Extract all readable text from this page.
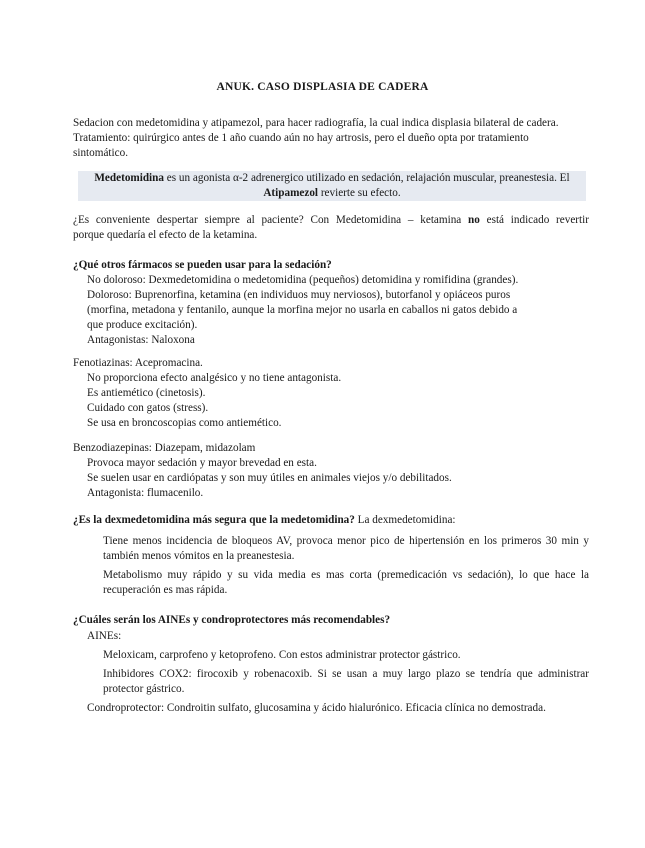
ANUK. CASO DISPLASIA DE CADERA
Sedacion con medetomidina y atipamezol, para hacer radiografía, la cual indica displasia bilateral de cadera.
Tratamiento: quirúrgico antes de 1 año cuando aún no hay artrosis, pero el dueño opta por tratamiento
sintomático.
Medetomidina es un agonista α-2 adrenergico utilizado en sedación, relajación muscular, preanestesia. El
Atipamezol revierte su efecto.
¿Es conveniente despertar siempre al paciente? Con Medetomidina – ketamina no está indicado revertir
porque quedaría el efecto de la ketamina.
¿Qué otros fármacos se pueden usar para la sedación?
No doloroso: Dexmedetomidina o medetomidina (pequeños) detomidina y romifidina (grandes).
Doloroso: Buprenorfina, ketamina (en individuos muy nerviosos), butorfanol y opiáceos puros
(morfina, metadona y fentanilo, aunque la morfina mejor no usarla en caballos ni gatos debido a
que produce excitación).
Antagonistas: Naloxona
Fenotiazinas: Acepromacina.
No proporciona efecto analgésico y no tiene antagonista.
Es antiemético (cinetosis).
Cuidado con gatos (stress).
Se usa en broncoscopias como antiemético.
Benzodiazepinas: Diazepam, midazolam
Provoca mayor sedación y mayor brevedad en esta.
Se suelen usar en cardiópatas y son muy útiles en animales viejos y/o debilitados.
Antagonista: flumacenilo.
¿Es la dexmedetomidina más segura que la medetomidina? La dexmedetomidina:
Tiene menos incidencia de bloqueos AV, provoca menor pico de hipertensión en los primeros 30 min y
también menos vómitos en la preanestesia.
Metabolismo muy rápido y su vida media es mas corta (premedicación vs sedación), lo que hace la
recuperación es mas rápida.
¿Cuáles serán los AINEs y condroprotectores más recomendables?
AINEs:
Meloxicam, carprofeno y ketoprofeno. Con estos administrar protector gástrico.
Inhibidores COX2: firocoxib y robenacoxib. Si se usan a muy largo plazo se tendría que administrar
protector gástrico.
Condroprotector: Condroitin sulfato, glucosamina y ácido hialurónico. Eficacia clínica no demostrada.
